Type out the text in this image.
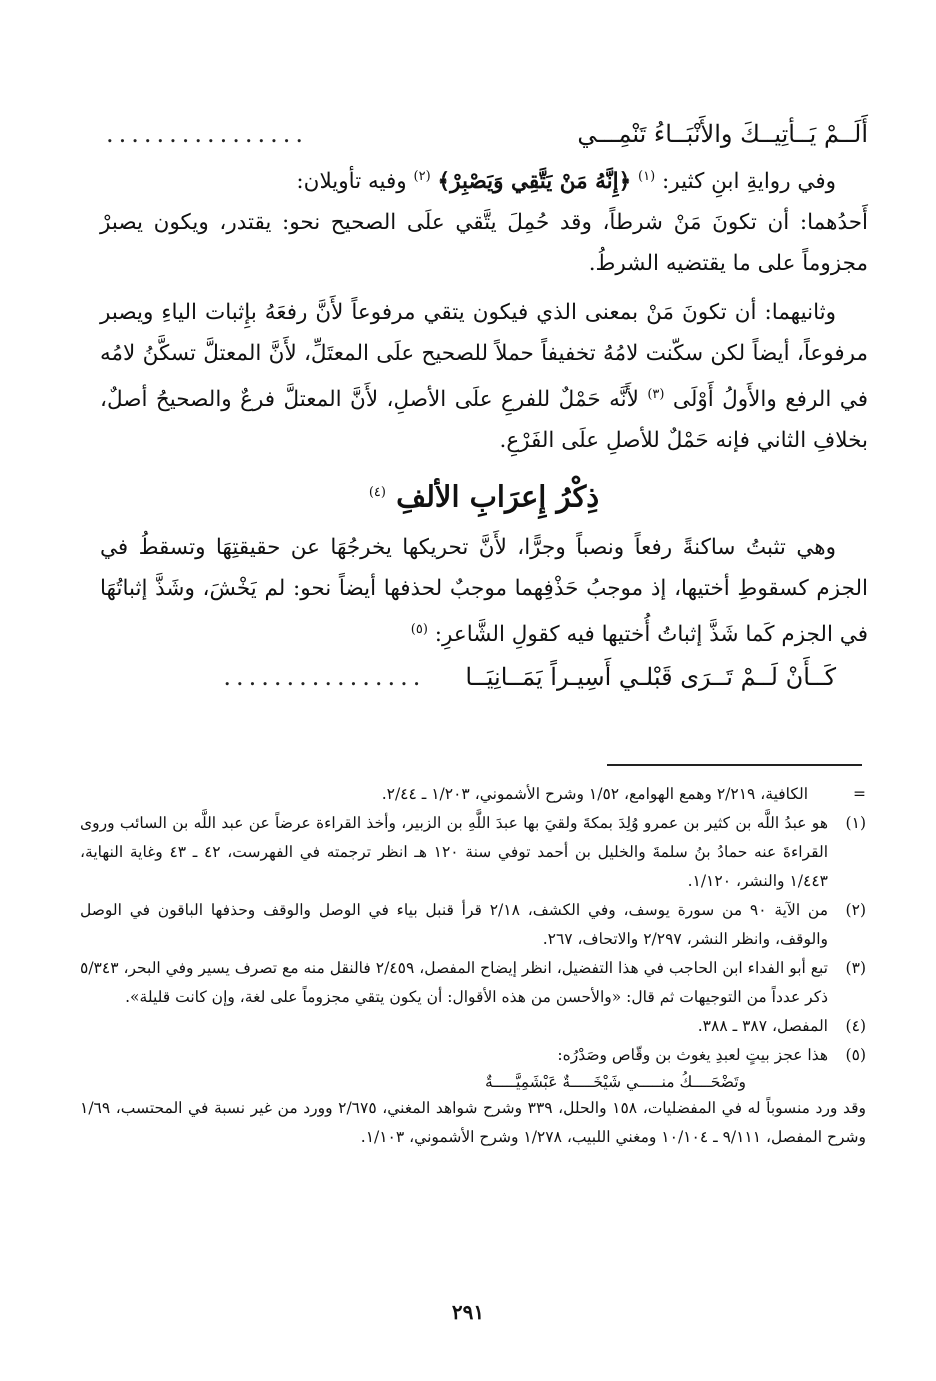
أَلَــمْ يَــأتِيــكَ والأَنْبَــاءُ تَنْمِـــي
................

وفي روايةِ ابنِ كثير: $^{(١)}$ ﴿إِنَّهُ مَنْ يَتَّقِي وَيَصْبِرْ﴾ $^{(٢)}$ وفيه تأويلان:

أَحدُهما: أن تكونَ مَنْ شرطاً، وقد حُمِلَ يتَّقي علَى الصحيح نحو: يقتدر، ويكون يصبرْ مجزوماً على ما يقتضيه الشرطُ.

وثانيهما: أن تكونَ مَنْ بمعنى الذي فيكون يتقي مرفوعاً لأَنَّ رفعَهُ بإِثبات الياءِ ويصبر مرفوعاً، أيضاً لكن سكّنت لامُهُ تخفيفاً حملاً للصحيح علَى المعتَلِّ، لأَنَّ المعتلَّ تسكَّنُ لامُه في الرفع والأَولُ أَوْلَى $^{(٣)}$ لأَنَّه حَمْلٌ للفرعِ علَى الأصلِ، لأَنَّ المعتلَّ فرعٌ والصحيحُ أصلٌ، بخلافِ الثاني فإنه حَمْلٌ للأصلِ علَى الفَرْعِ.

ذِكْرُ إِعرَابِ الألفِ $^{(٤)}$

وهي تثبتُ ساكنةً رفعاً ونصباً وجرًّا، لأَنَّ تحريكها يخرجُهَا عن حقيقتِهَا وتسقطُ في الجزم كسقوطِ أختيها، إذ موجبُ حَذْفِهما موجبٌ لحذفها أيضاً نحو: لم يَخْشَ، وشَذَّ إثباتُهَا في الجزم كَما شَذَّ إثباتُ أُختيها فيه كقولِ الشَّاعرِ: $^{(٥)}$

كَــأَنْ لَــمْ تَــرَى قَبْلـي أَسِيـراً يَمَــانِيَــا
................
=
الكافية، ٢/٢١٩ وهمع الهوامع، ١/٥٢ وشرح الأشموني، ١/٢٠٣ ـ ٢/٤٤.
(١)
هو عبدُ اللَّه بن كثير بن عمرو وُلِدَ بمكةَ ولقيَ بها عبدَ اللَّهِ بن الزبير، وأخذ القراءة عرضاً عن عبد اللَّه بن السائب وروى القراءةَ عنه حمادُ بنُ سلمةَ والخليل بن أحمد توفي سنة ١٢٠ هـ انظر ترجمته في الفهرست، ٤٢ ـ ٤٣ وغاية النهاية، ١/٤٤٣ والنشر، ١/١٢٠.
(٢)
من الآية ٩٠ من سورة يوسف، وفي الكشف، ٢/١٨ قرأ قنبل بياء في الوصل والوقف وحذفها الباقون في الوصل والوقف، وانظر النشر، ٢/٢٩٧ والاتحاف، ٢٦٧.
(٣)
تبع أبو الفداء ابن الحاجب في هذا التفضيل، انظر إيضاح المفصل، ٢/٤٥٩ فالنقل منه مع تصرف يسير وفي البحر، ٥/٣٤٣ ذكر عدداً من التوجيهات ثم قال: «والأحسن من هذه الأقوال: أن يكون يتقي مجزوماً على لغة، وإن كانت قليلة».
(٤)
المفصل، ٣٨٧ ـ ٣٨٨.
(٥)
هذا عجز بيتٍ لعبدِ يغوث بن وقّاص وصَدْرُه:
وتَضْحَــــكُ منـــــي شَيْخَـــــةٌ عَبْشَمِيَّـــــةٌ

وقد ورد منسوباً له في المفضليات، ١٥٨ والحلل، ٣٣٩ وشرح شواهد المغني، ٢/٦٧٥ وورد من غير نسبة في المحتسب، ١/٦٩ وشرح المفصل، ٩/١١١ ـ ١٠/١٠٤ ومغني اللبيب، ١/٢٧٨ وشرح الأشموني، ١/١٠٣.

٢٩١
